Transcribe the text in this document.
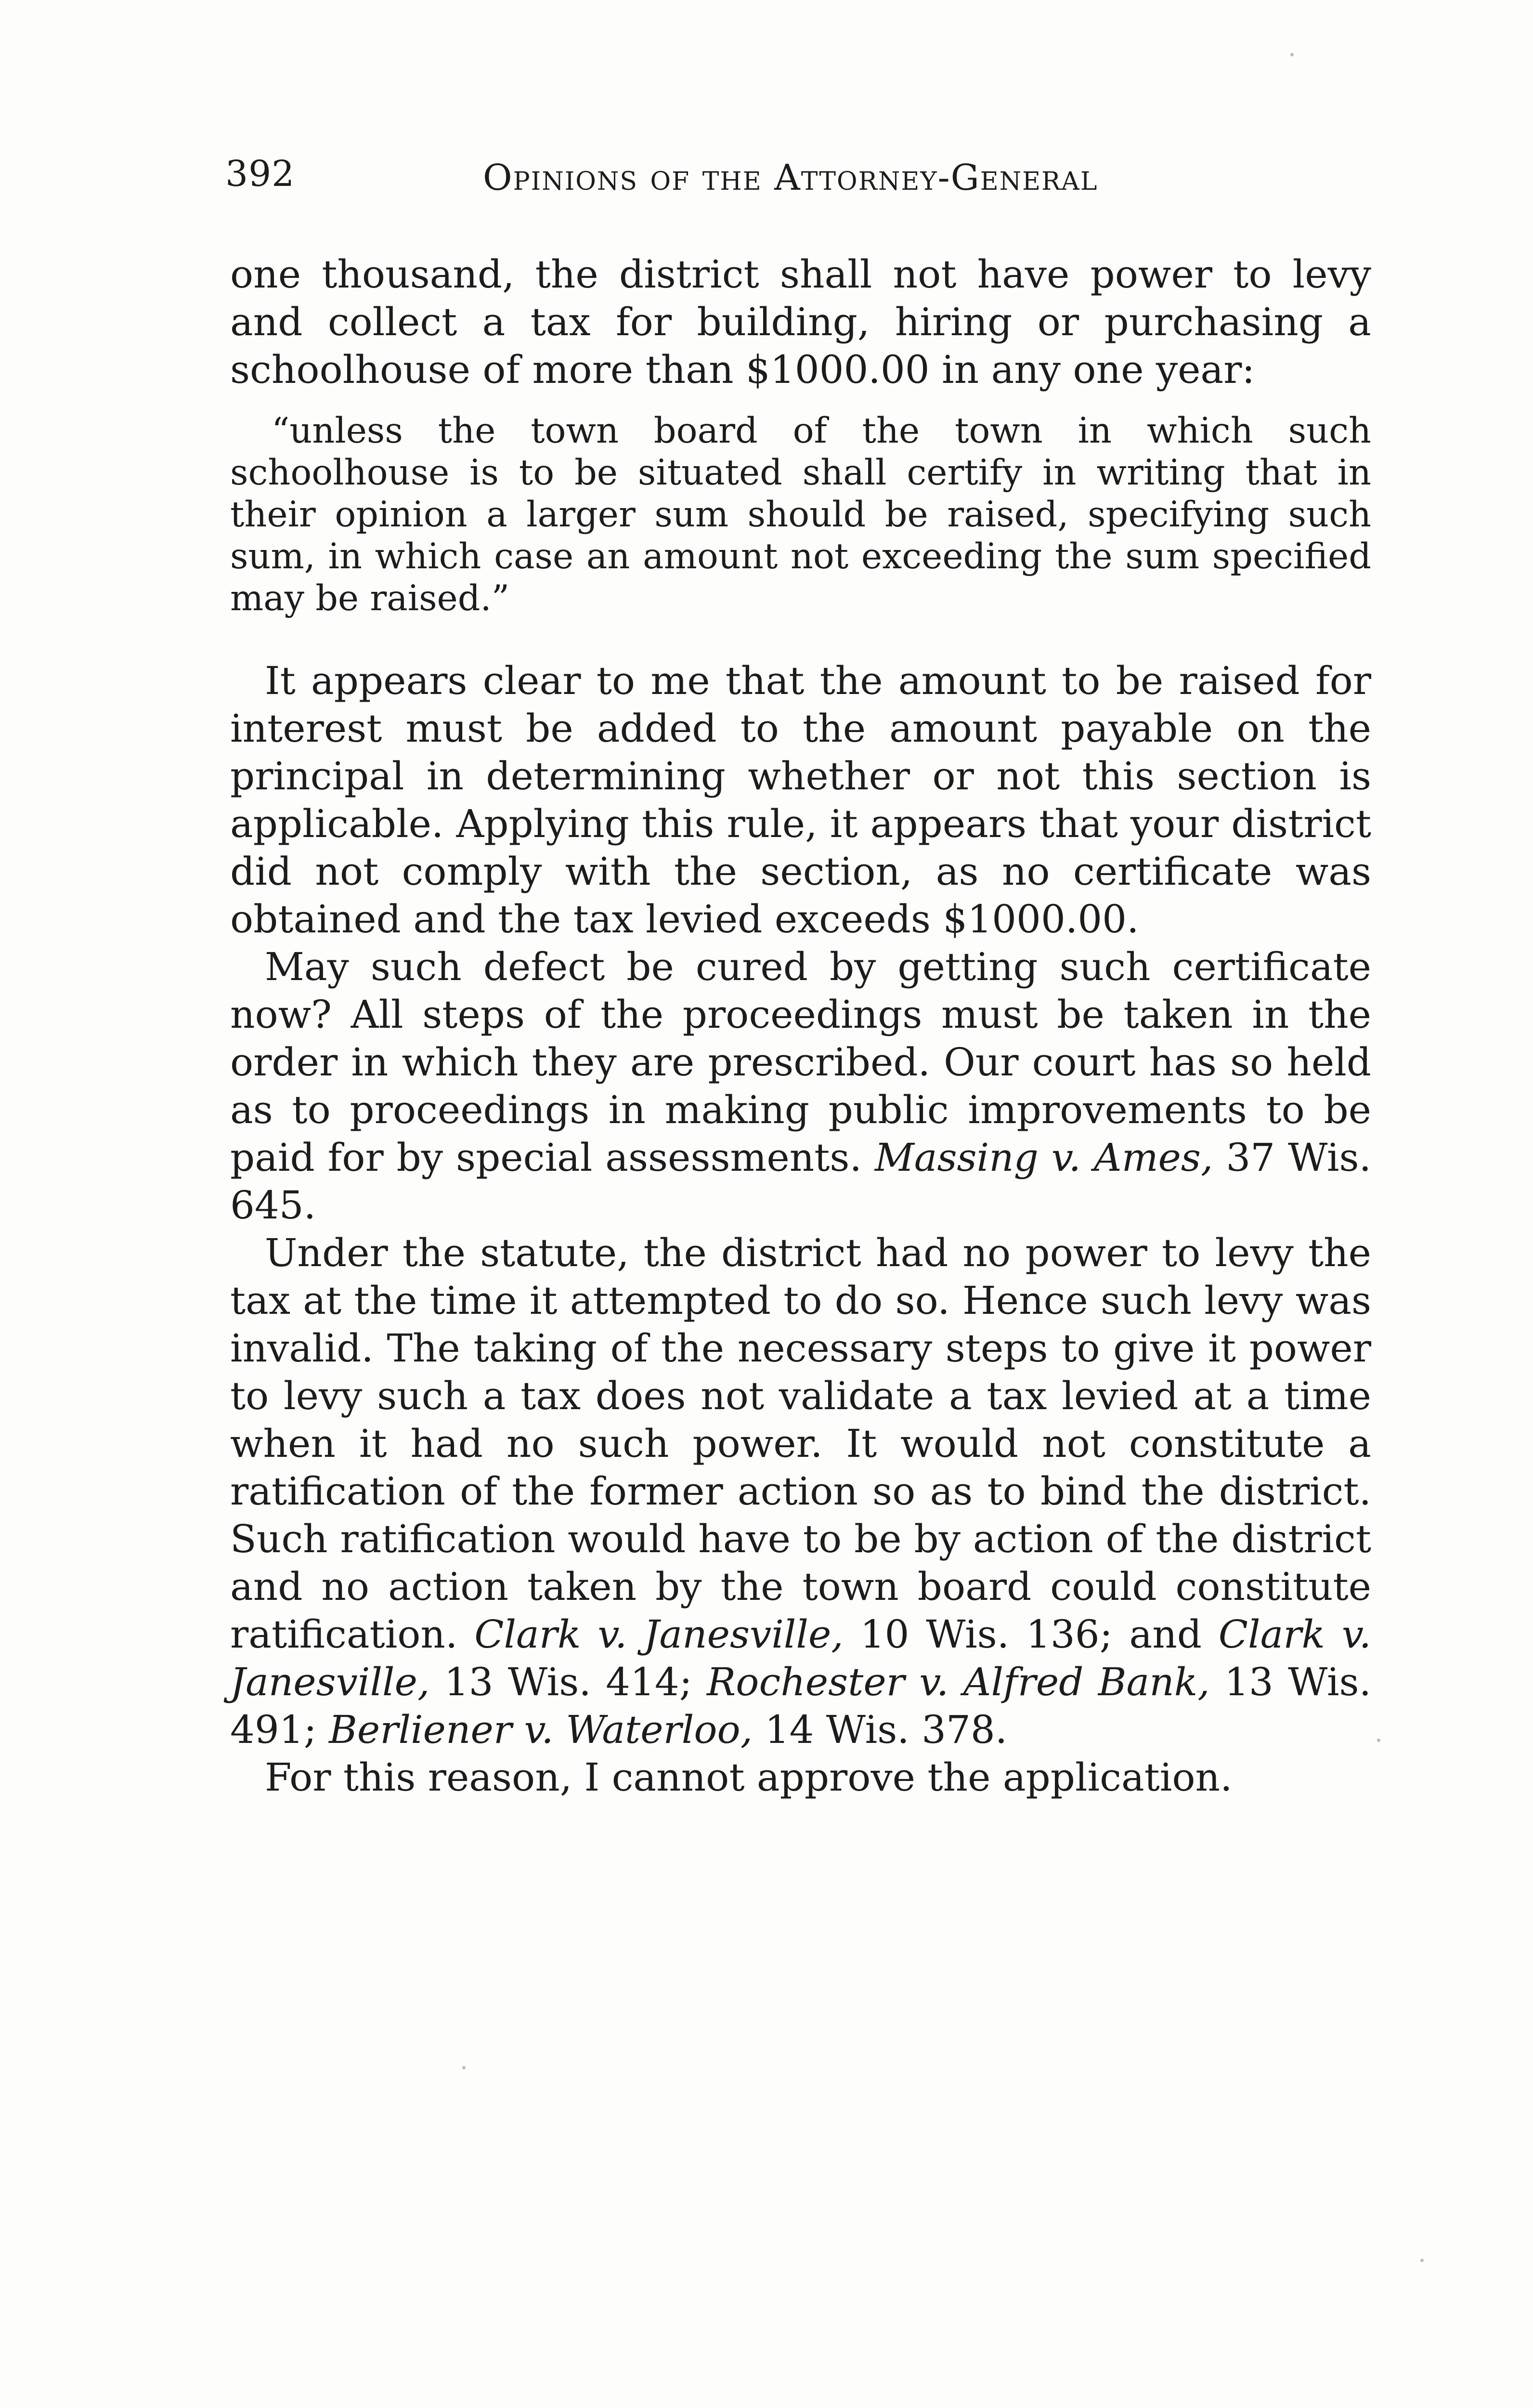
392	Opinions of the Attorney-General

one thousand, the district shall not have power to levy and collect a tax for building, hiring or purchasing a schoolhouse of more than $1000.00 in any one year:

“unless the town board of the town in which such schoolhouse is to be situated shall certify in writing that in their opinion a larger sum should be raised, specifying such sum, in which case an amount not exceeding the sum specified may be raised.”

It appears clear to me that the amount to be raised for interest must be added to the amount payable on the principal in determining whether or not this section is applicable. Applying this rule, it appears that your district did not comply with the section, as no certificate was obtained and the tax levied exceeds $1000.00.

May such defect be cured by getting such certificate now? All steps of the proceedings must be taken in the order in which they are prescribed. Our court has so held as to proceedings in making public improvements to be paid for by special assessments. Massing v. Ames, 37 Wis. 645.

Under the statute, the district had no power to levy the tax at the time it attempted to do so. Hence such levy was invalid. The taking of the necessary steps to give it power to levy such a tax does not validate a tax levied at a time when it had no such power. It would not constitute a ratification of the former action so as to bind the district. Such ratification would have to be by action of the district and no action taken by the town board could constitute ratification. Clark v. Janesville, 10 Wis. 136; and Clark v. Janesville, 13 Wis. 414; Rochester v. Alfred Bank, 13 Wis. 491; Berliener v. Waterloo, 14 Wis. 378.

For this reason, I cannot approve the application.
